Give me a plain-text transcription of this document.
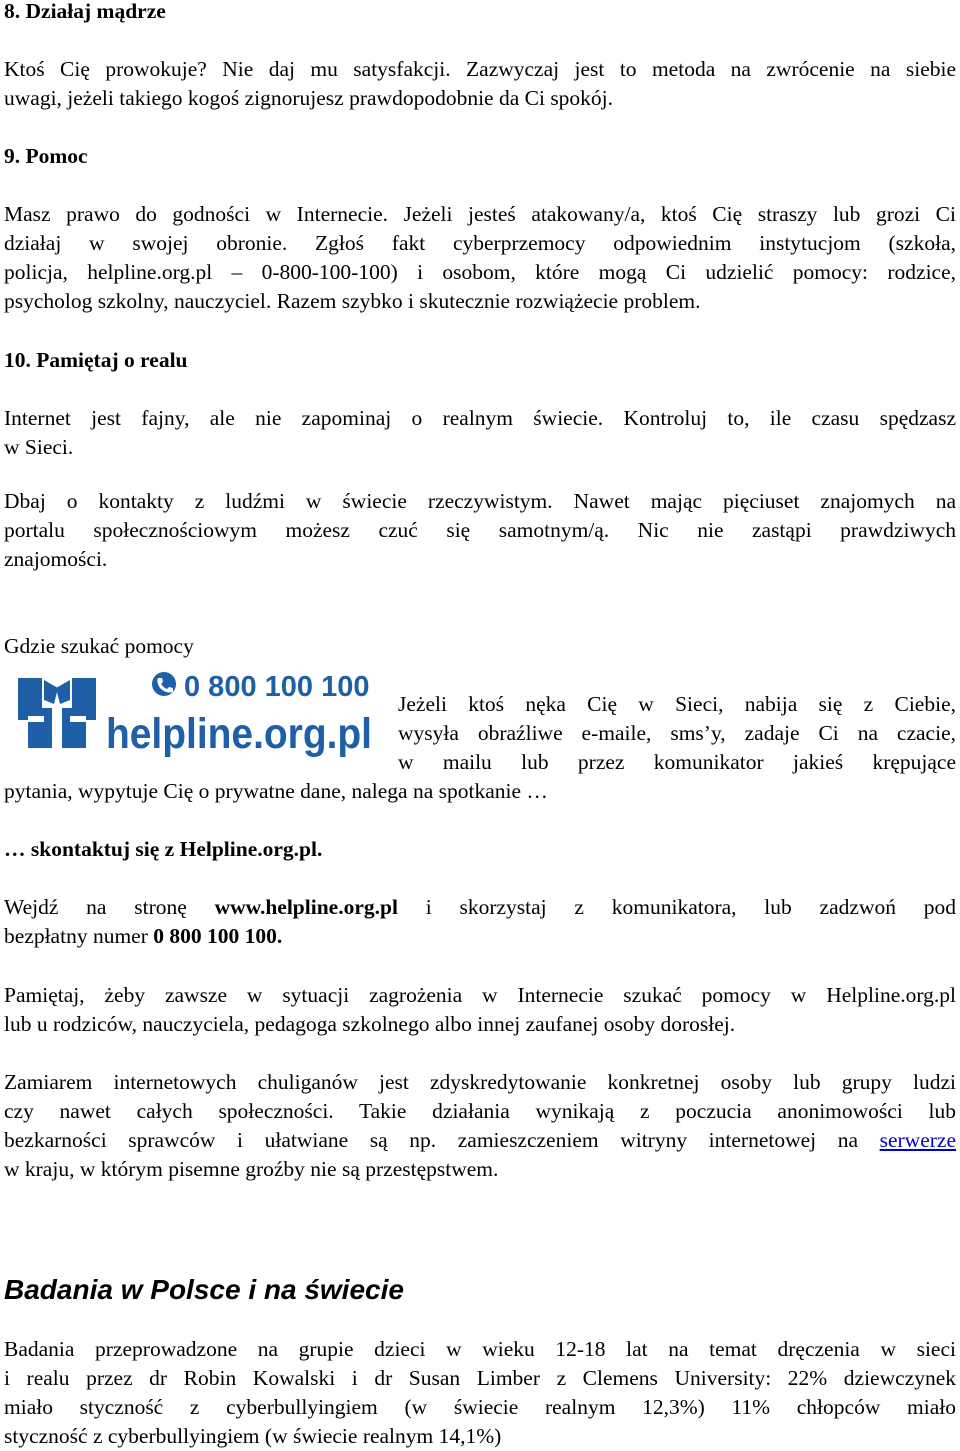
8. Działaj mądrze
Ktoś Cię prowokuje? Nie daj mu satysfakcji. Zazwyczaj jest to metoda na zwrócenie na siebie
uwagi, jeżeli takiego kogoś zignorujesz prawdopodobnie da Ci spokój.
9. Pomoc
Masz prawo do godności w Internecie. Jeżeli jesteś atakowany/a, ktoś Cię straszy lub grozi Ci
działaj w swojej obronie. Zgłoś fakt cyberprzemocy odpowiednim instytucjom (szkoła,
policja, helpline.org.pl – 0-800-100-100) i osobom, które mogą Ci udzielić pomocy: rodzice,
psycholog szkolny, nauczyciel. Razem szybko i skutecznie rozwiążecie problem.
10. Pamiętaj o realu
Internet jest fajny, ale nie zapominaj o realnym świecie. Kontroluj to, ile czasu spędzasz
w Sieci.
Dbaj o kontakty z ludźmi w świecie rzeczywistym. Nawet mając pięciuset znajomych na
portalu społecznościowym możesz czuć się samotnym/ą. Nic nie zastąpi prawdziwych
znajomości.
Gdzie szukać pomocy
0 800 100 100
helpline.org.pl
Jeżeli ktoś nęka Cię w Sieci, nabija się z Ciebie,
wysyła obraźliwe e-maile, sms’y, zadaje Ci na czacie,
w mailu lub przez komunikator jakieś krępujące
pytania, wypytuje Cię o prywatne dane, nalega na spotkanie …
… skontaktuj się z Helpline.org.pl.
Wejdź na stronę www.helpline.org.pl i skorzystaj z komunikatora, lub zadzwoń pod
bezpłatny numer 0 800 100 100.
Pamiętaj, żeby zawsze w sytuacji zagrożenia w Internecie szukać pomocy w Helpline.org.pl
lub u rodziców, nauczyciela, pedagoga szkolnego albo innej zaufanej osoby dorosłej.
Zamiarem internetowych chuliganów jest zdyskredytowanie konkretnej osoby lub grupy ludzi
czy nawet całych społeczności. Takie działania wynikają z poczucia anonimowości lub
bezkarności sprawców i ułatwiane są np. zamieszczeniem witryny internetowej na serwerze
w kraju, w którym pisemne groźby nie są przestępstwem.
Badania w Polsce i na świecie
Badania przeprowadzone na grupie dzieci w wieku 12-18 lat na temat dręczenia w sieci
i realu przez dr Robin Kowalski i dr Susan Limber z Clemens University: 22% dziewczynek
miało styczność z cyberbullyingiem (w świecie realnym 12,3%) 11% chłopców miało
styczność z cyberbullyingiem (w świecie realnym 14,1%)
